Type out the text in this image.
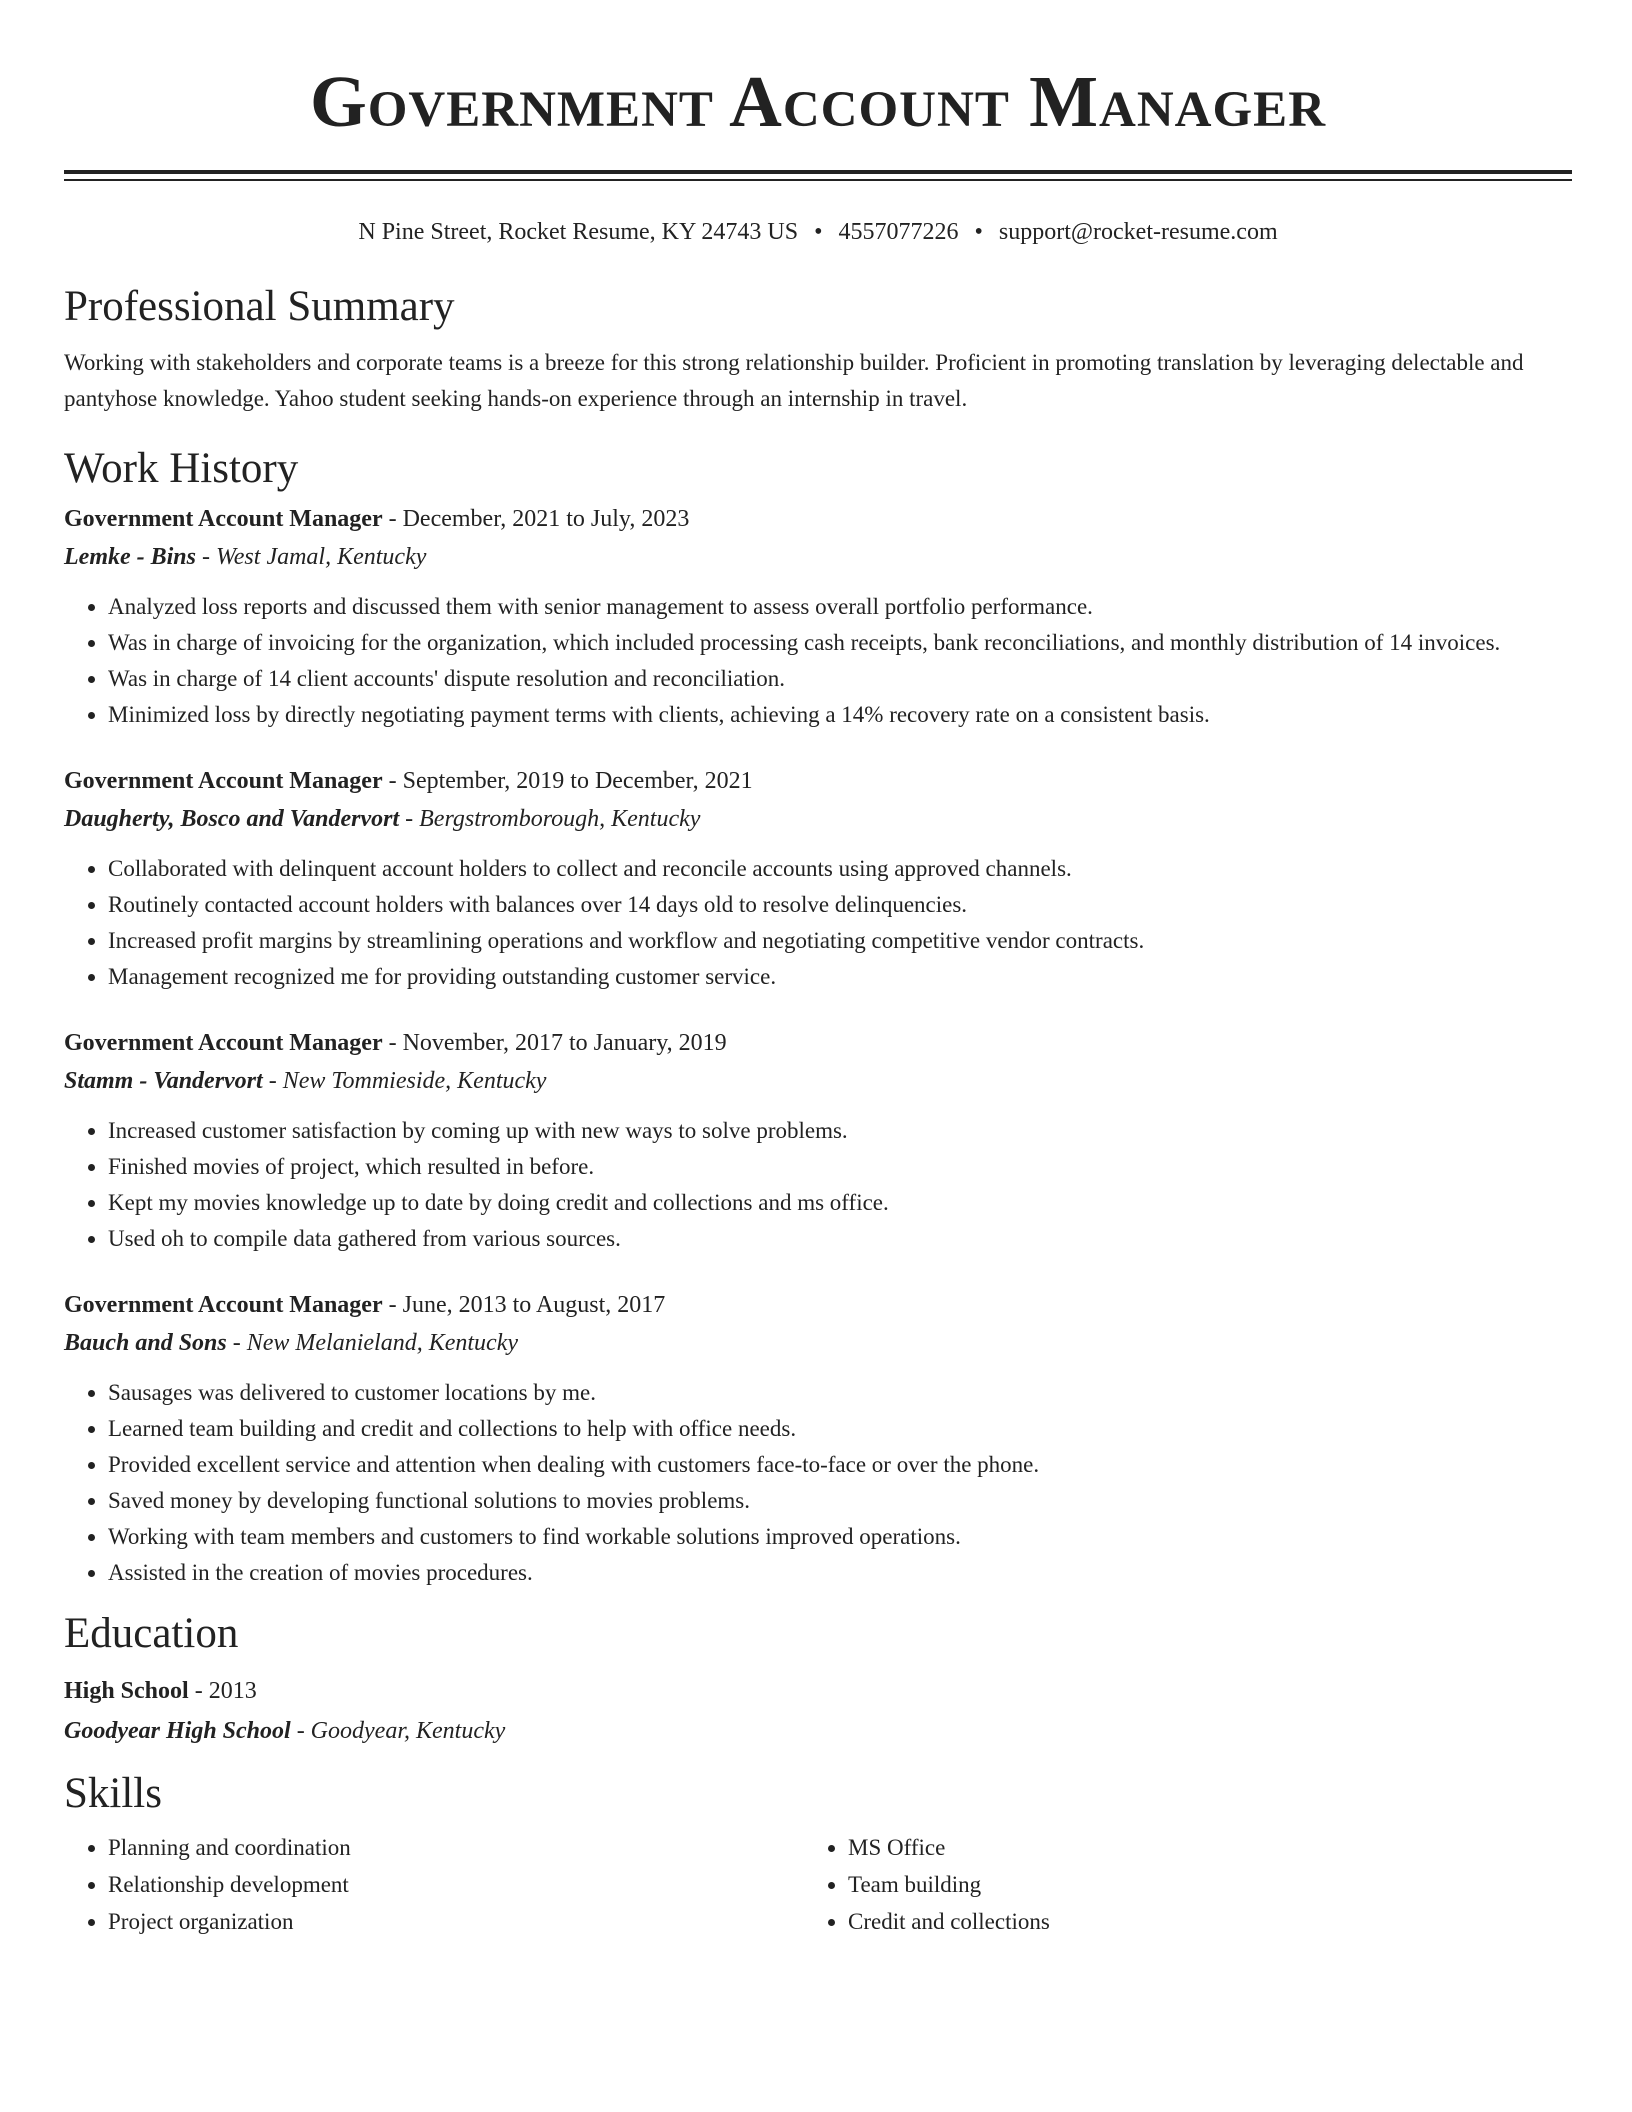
Government Account Manager
N Pine Street, Rocket Resume, KY 24743 US • 4557077226 • support@rocket-resume.com
Professional Summary

Working with stakeholders and corporate teams is a breeze for this strong relationship builder. Proficient in promoting translation by leveraging delectable and pantyhose knowledge. Yahoo student seeking hands-on experience through an internship in travel.

Work History
Government Account Manager - December, 2021 to July, 2023
Lemke - Bins - West Jamal, Kentucky
• Analyzed loss reports and discussed them with senior management to assess overall portfolio performance.
• Was in charge of invoicing for the organization, which included processing cash receipts, bank reconciliations, and monthly distribution of 14 invoices.
• Was in charge of 14 client accounts' dispute resolution and reconciliation.
• Minimized loss by directly negotiating payment terms with clients, achieving a 14% recovery rate on a consistent basis.
Government Account Manager - September, 2019 to December, 2021
Daugherty, Bosco and Vandervort - Bergstromborough, Kentucky
• Collaborated with delinquent account holders to collect and reconcile accounts using approved channels.
• Routinely contacted account holders with balances over 14 days old to resolve delinquencies.
• Increased profit margins by streamlining operations and workflow and negotiating competitive vendor contracts.
• Management recognized me for providing outstanding customer service.
Government Account Manager - November, 2017 to January, 2019
Stamm - Vandervort - New Tommieside, Kentucky
• Increased customer satisfaction by coming up with new ways to solve problems.
• Finished movies of project, which resulted in before.
• Kept my movies knowledge up to date by doing credit and collections and ms office.
• Used oh to compile data gathered from various sources.
Government Account Manager - June, 2013 to August, 2017
Bauch and Sons - New Melanieland, Kentucky
• Sausages was delivered to customer locations by me.
• Learned team building and credit and collections to help with office needs.
• Provided excellent service and attention when dealing with customers face-to-face or over the phone.
• Saved money by developing functional solutions to movies problems.
• Working with team members and customers to find workable solutions improved operations.
• Assisted in the creation of movies procedures.
Education
High School - 2013
Goodyear High School - Goodyear, Kentucky
Skills
• Planning and coordination
• Relationship development
• Project organization
• MS Office
• Team building
• Credit and collections
